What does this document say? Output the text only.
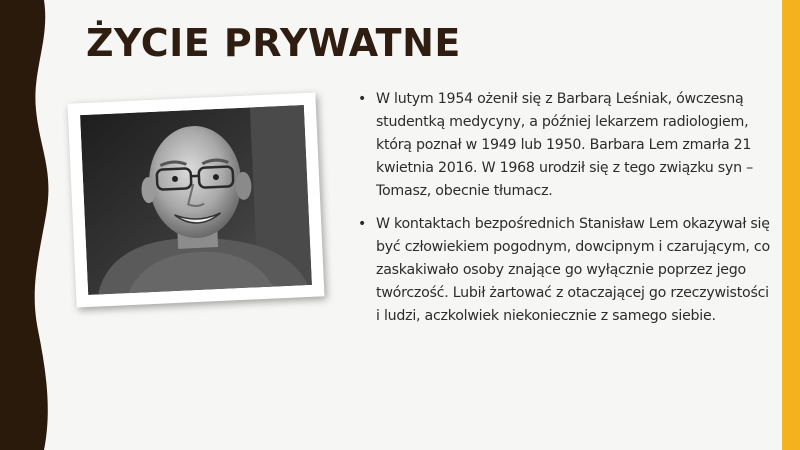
ŻYCIE PRYWATNE

• W lutym 1954 ożenił się z Barbarą Leśniak, ówczesną studentką medycyny, a później lekarzem radiologiem, którą poznał w 1949 lub 1950. Barbara Lem zmarła 21 kwietnia 2016. W 1968 urodził się z tego związku syn – Tomasz, obecnie tłumacz.

• W kontaktach bezpośrednich Stanisław Lem okazywał się być człowiekiem pogodnym, dowcipnym i czarującym, co zaskakiwało osoby znające go wyłącznie poprzez jego twórczość. Lubił żartować z otaczającej go rzeczywistości i ludzi, aczkolwiek niekoniecznie z samego siebie.
